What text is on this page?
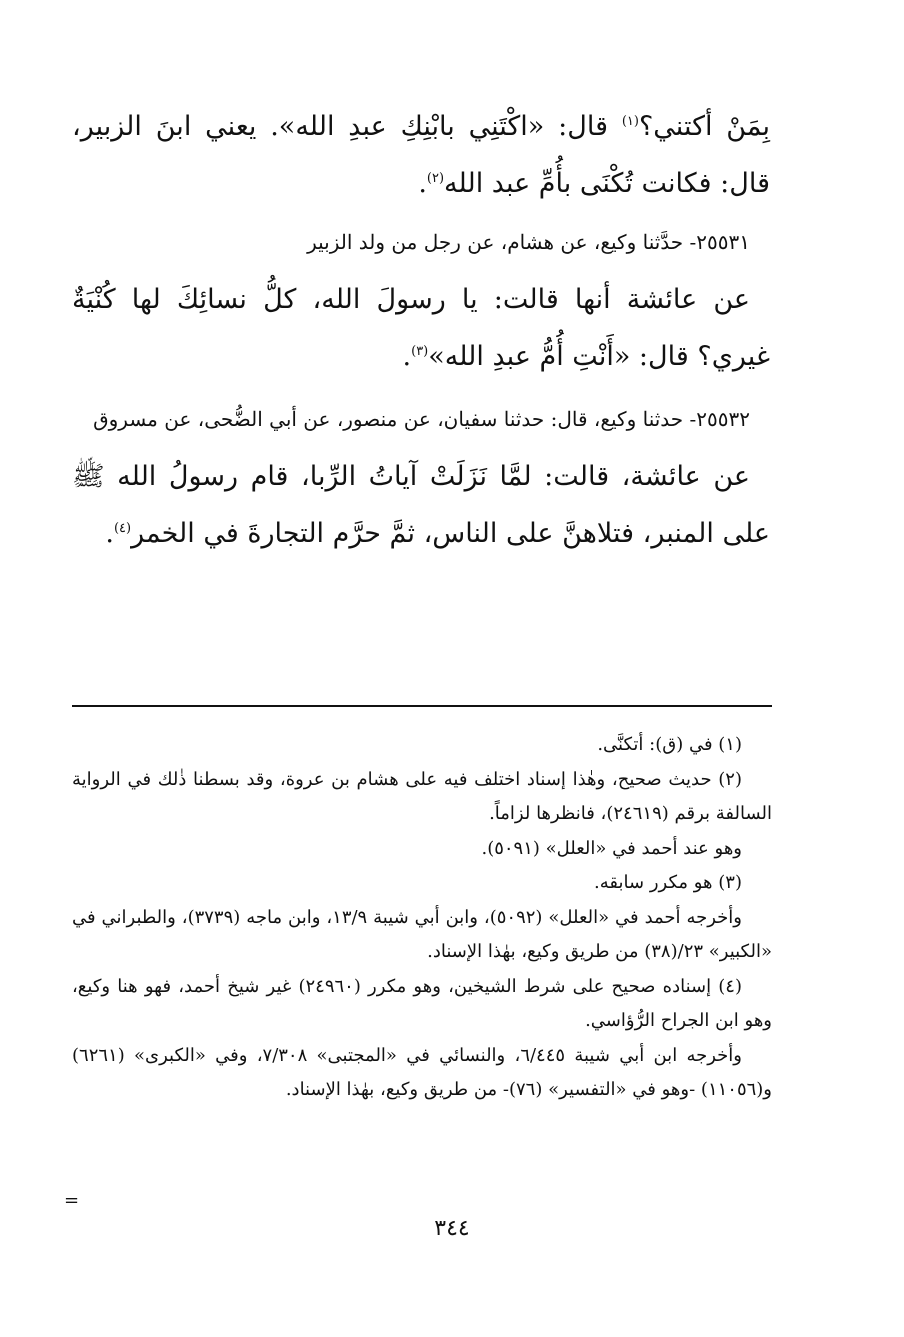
بِمَنْ أكتني؟$^{(١)}$ قال: «اكْتَنِي بابْنِكِ عبدِ الله». يعني ابنَ الزبير، قال: فكانت تُكْنَى بأُمِّ عبد الله$^{(٢)}$.

٢٥٥٣١- حدَّثنا وكيع، عن هشام، عن رجل من ولد الزبير

عن عائشة أنها قالت: يا رسولَ الله، كلُّ نسائِكَ لها كُنْيَةٌ غيري؟ قال: «أَنْتِ أُمُّ عبدِ الله»$^{(٣)}$.

٢٥٥٣٢- حدثنا وكيع، قال: حدثنا سفيان، عن منصور، عن أبي الضُّحى، عن مسروق

عن عائشة، قالت: لمَّا نَزَلَتْ آياتُ الرِّبا، قام رسولُ الله ﷺ على المنبر، فتلاهنَّ على الناس، ثمَّ حرَّم التجارةَ في الخمر$^{(٤)}$.

(١) في (ق): أتكنَّى.

(٢) حديث صحيح، وهٰذا إسناد اختلف فيه على هشام بن عروة، وقد بسطنا ذٰلك في الرواية السالفة برقم (٢٤٦١٩)، فانظرها لزاماً.

وهو عند أحمد في «العلل» (٥٠٩١).

(٣) هو مكرر سابقه.

وأخرجه أحمد في «العلل» (٥٠٩٢)، وابن أبي شيبة ١٣/٩، وابن ماجه (٣٧٣٩)، والطبراني في «الكبير» ٢٣/(٣٨) من طريق وكيع، بهٰذا الإسناد.

(٤) إسناده صحيح على شرط الشيخين، وهو مكرر (٢٤٩٦٠) غير شيخ أحمد، فهو هنا وكيع، وهو ابن الجراح الرُّؤاسي.

وأخرجه ابن أبي شيبة ٦/٤٤٥، والنسائي في «المجتبى» ٧/٣٠٨، وفي «الكبرى» (٦٢٦١) و(١١٠٥٦) -وهو في «التفسير» (٧٦)- من طريق وكيع، بهٰذا الإسناد.

=
٣٤٤
